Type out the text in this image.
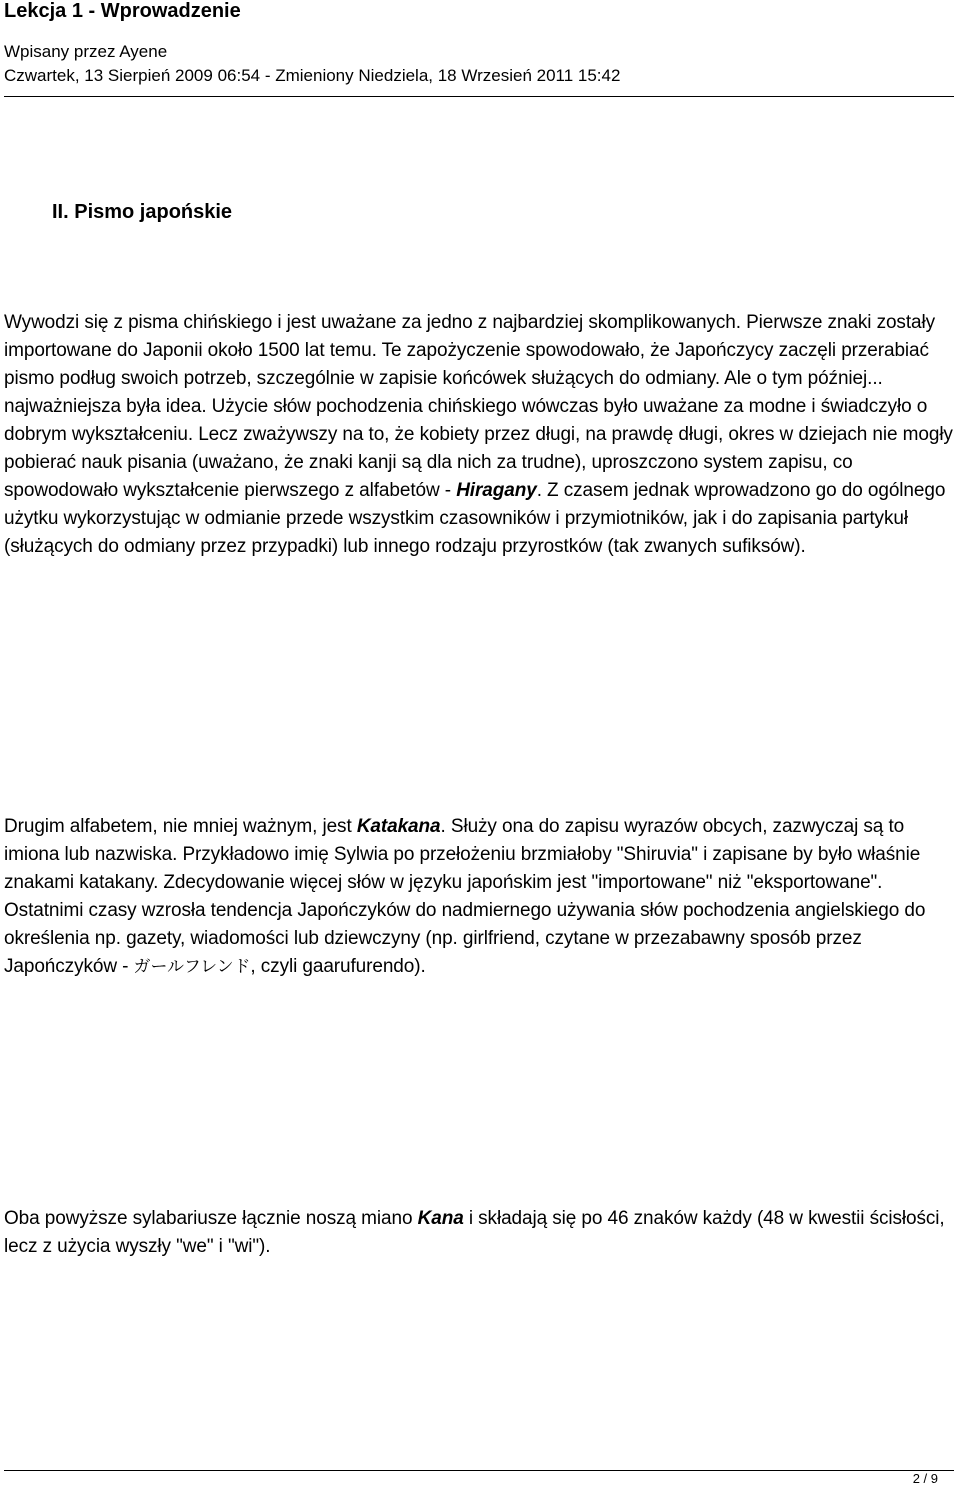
Lekcja 1 - Wprowadzenie
Wpisany przez Ayene
Czwartek, 13 Sierpień 2009 06:54 - Zmieniony Niedziela, 18 Wrzesień 2011 15:42
II. Pismo japońskie

Wywodzi się z pisma chińskiego i jest uważane za jedno z najbardziej skomplikowanych. Pierwsze znaki zostały importowane do Japonii około 1500 lat temu. Te zapożyczenie spowodowało, że Japończycy zaczęli przerabiać pismo podług swoich potrzeb, szczególnie w zapisie końcówek służących do odmiany. Ale o tym później... najważniejsza była idea. Użycie słów pochodzenia chińskiego wówczas było uważane za modne i świadczyło o dobrym wykształceniu. Lecz zważywszy na to, że kobiety przez długi, na prawdę długi, okres w dziejach nie mogły pobierać nauk pisania (uważano, że znaki kanji są dla nich za trudne), uproszczono system zapisu, co spowodowało wykształcenie pierwszego z alfabetów - Hiragany. Z czasem jednak wprowadzono go do ogólnego użytku wykorzystując w odmianie przede wszystkim czasowników i przymiotników, jak i do zapisania partykuł (służących do odmiany przez przypadki) lub innego rodzaju przyrostków (tak zwanych sufiksów).

Drugim alfabetem, nie mniej ważnym, jest Katakana. Służy ona do zapisu wyrazów obcych, zazwyczaj są to imiona lub nazwiska. Przykładowo imię Sylwia po przełożeniu brzmiałoby "Shiruvia" i zapisane by było właśnie znakami katakany. Zdecydowanie więcej słów w języku japońskim jest "importowane" niż "eksportowane". Ostatnimi czasy wzrosła tendencja Japończyków do nadmiernego używania słów pochodzenia angielskiego do określenia np. gazety, wiadomości lub dziewczyny (np. girlfriend, czytane w przezabawny sposób przez Japończyków - ガールフレンド, czyli gaarufurendo).

Oba powyższe sylabariusze łącznie noszą miano Kana i składają się po 46 znaków każdy (48 w kwestii ścisłości, lecz z użycia wyszły "we" i "wi").

2 / 9
